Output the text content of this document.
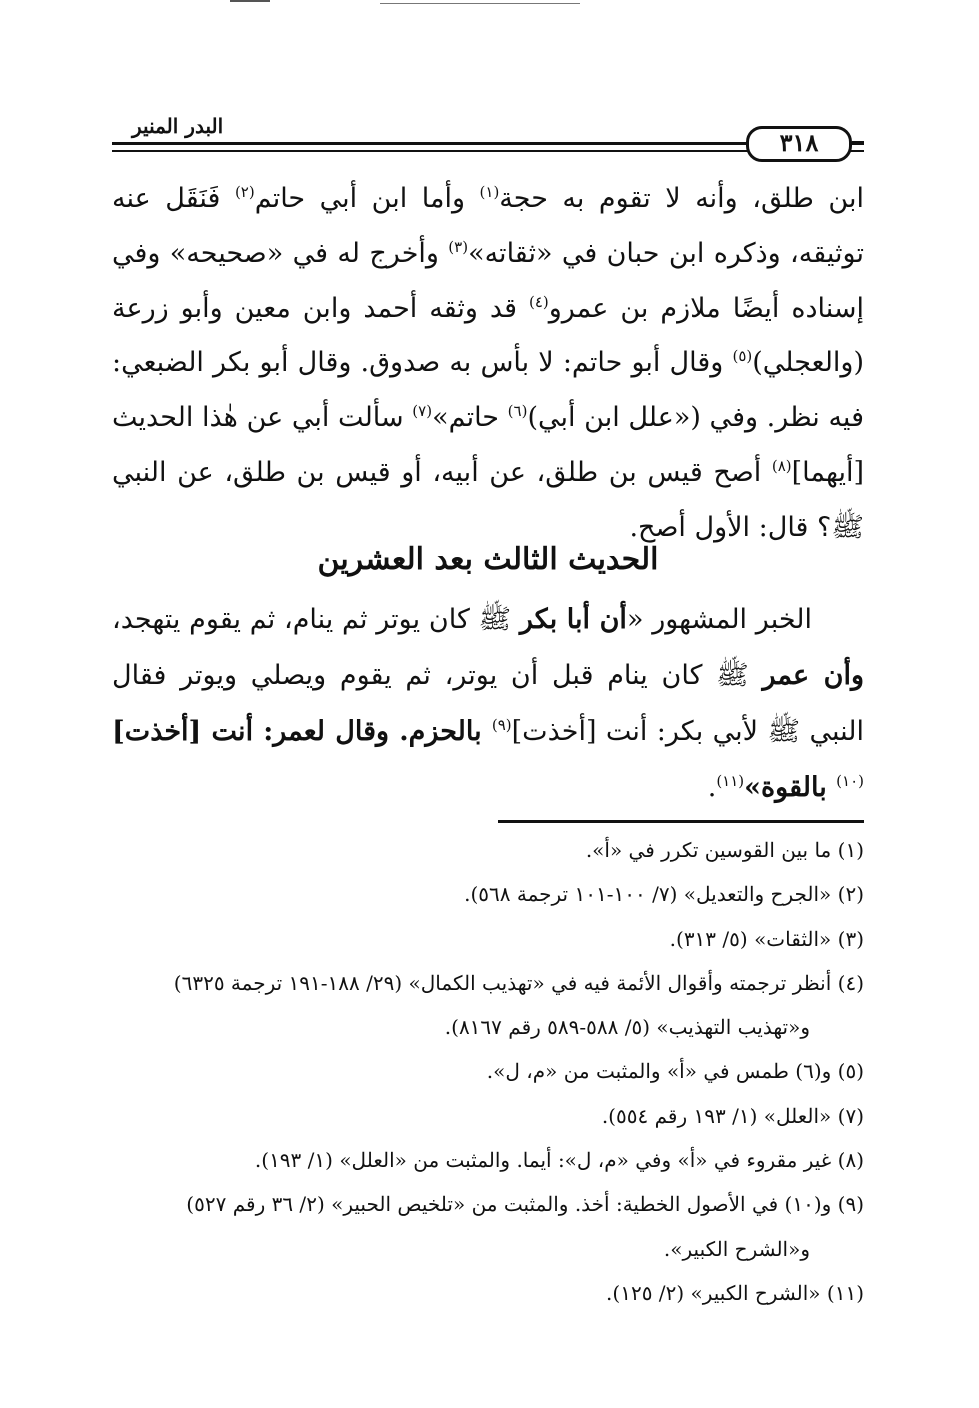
البدر المنير
٣١٨

ابن طلق، وأنه لا تقوم به حجة$^{(١)}$ وأما ابن أبي حاتم$^{(٢)}$ فَنَقَل عنه توثيقه، وذكره ابن حبان في «ثقاته»$^{(٣)}$ وأخرج له في «صحيحه» وفي إسناده أيضًا ملازم بن عمرو$^{(٤)}$ قد وثقه أحمد وابن معين وأبو زرعة (والعجلي)$^{(٥)}$ وقال أبو حاتم: لا بأس به صدوق. وقال أبو بكر الضبعي: فيه نظر. وفي («علل ابن أبي)$^{(٦)}$ حاتم»$^{(٧)}$ سألت أبي عن هٰذا الحديث [أيهما]$^{(٨)}$ أصح قيس بن طلق، عن أبيه، أو قيس بن طلق، عن النبي ﷺ؟ قال: الأول أصح.

الحديث الثالث بعد العشرين

الخبر المشهور «أن أبا بكر ﷺ كان يوتر ثم ينام، ثم يقوم يتهجد، وأن عمر ﷺ كان ينام قبل أن يوتر، ثم يقوم ويصلي ويوتر فقال النبي ﷺ لأبي بكر: أنت [أخذت]$^{(٩)}$ بالحزم. وقال لعمر: أنت [أخذت]$^{(١٠)}$ بالقوة»$^{(١١)}$.

(١) ما بين القوسين تكرر في «أ».

(٢) «الجرح والتعديل» (٧/ ١٠٠-١٠١ ترجمة ٥٦٨).

(٣) «الثقات» (٥/ ٣١٣).

(٤) أنظر ترجمته وأقوال الأئمة فيه في «تهذيب الكمال» (٢٩/ ١٨٨-١٩١ ترجمة ٦٣٢٥)

و«تهذيب التهذيب» (٥/ ٥٨٨-٥٨٩ رقم ٨١٦٧).

(٥) و(٦) طمس في «أ» والمثبت من «م، ل».

(٧) «العلل» (١/ ١٩٣ رقم ٥٥٤).

(٨) غير مقروء في «أ» وفي «م، ل»: أيما. والمثبت من «العلل» (١/ ١٩٣).

(٩) و(١٠) في الأصول الخطية: أخذ. والمثبت من «تلخيص الحبير» (٢/ ٣٦ رقم ٥٢٧)

و«الشرح الكبير».

(١١) «الشرح الكبير» (٢/ ١٢٥).
